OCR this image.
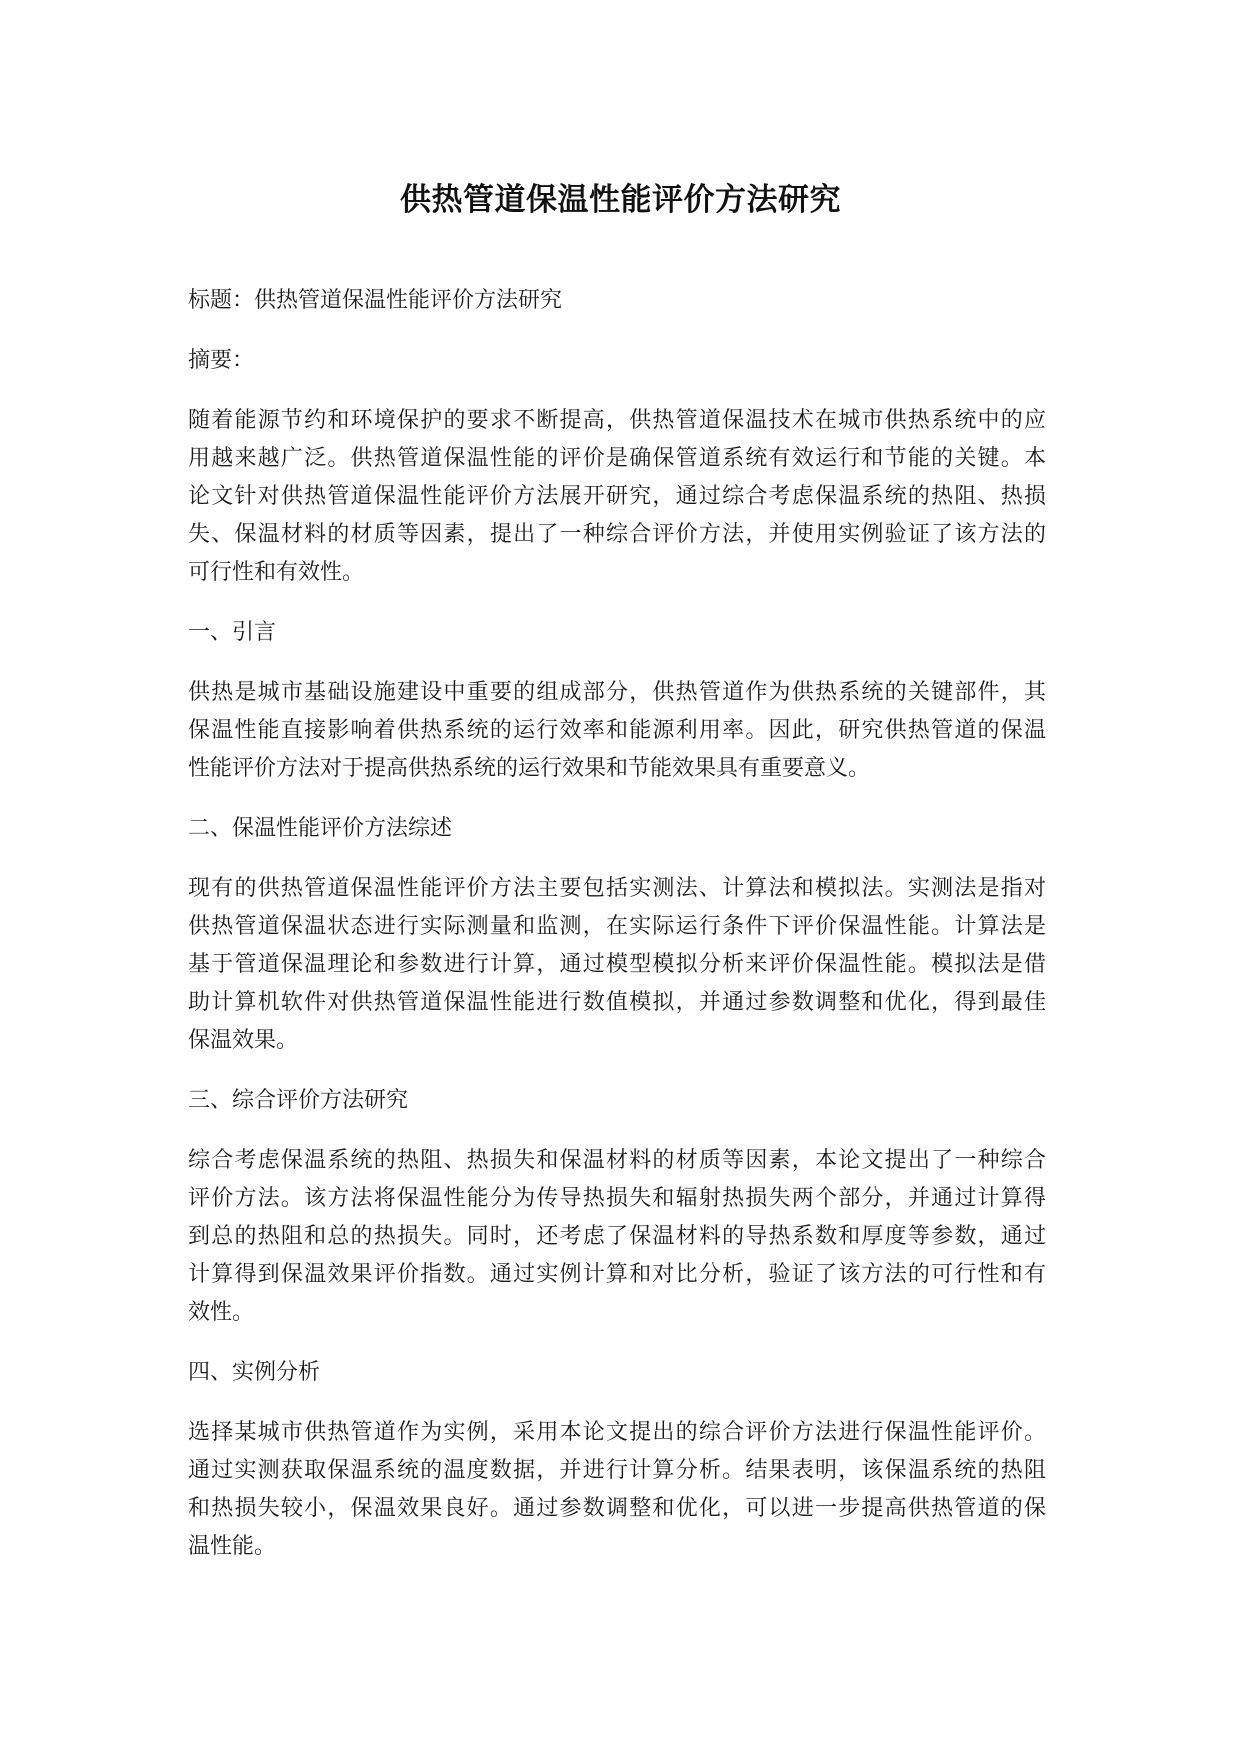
供热管道保温性能评价方法研究
标题：供热管道保温性能评价方法研究
摘要：
随着能源节约和环境保护的要求不断提高，供热管道保温技术在城市供热系统中的应
用越来越广泛。供热管道保温性能的评价是确保管道系统有效运行和节能的关键。本
论文针对供热管道保温性能评价方法展开研究，通过综合考虑保温系统的热阻、热损
失、保温材料的材质等因素，提出了一种综合评价方法，并使用实例验证了该方法的
可行性和有效性。
一、引言
供热是城市基础设施建设中重要的组成部分，供热管道作为供热系统的关键部件，其
保温性能直接影响着供热系统的运行效率和能源利用率。因此，研究供热管道的保温
性能评价方法对于提高供热系统的运行效果和节能效果具有重要意义。
二、保温性能评价方法综述
现有的供热管道保温性能评价方法主要包括实测法、计算法和模拟法。实测法是指对
供热管道保温状态进行实际测量和监测，在实际运行条件下评价保温性能。计算法是
基于管道保温理论和参数进行计算，通过模型模拟分析来评价保温性能。模拟法是借
助计算机软件对供热管道保温性能进行数值模拟，并通过参数调整和优化，得到最佳
保温效果。
三、综合评价方法研究
综合考虑保温系统的热阻、热损失和保温材料的材质等因素，本论文提出了一种综合
评价方法。该方法将保温性能分为传导热损失和辐射热损失两个部分，并通过计算得
到总的热阻和总的热损失。同时，还考虑了保温材料的导热系数和厚度等参数，通过
计算得到保温效果评价指数。通过实例计算和对比分析，验证了该方法的可行性和有
效性。
四、实例分析
选择某城市供热管道作为实例，采用本论文提出的综合评价方法进行保温性能评价。
通过实测获取保温系统的温度数据，并进行计算分析。结果表明，该保温系统的热阻
和热损失较小，保温效果良好。通过参数调整和优化，可以进一步提高供热管道的保
温性能。
